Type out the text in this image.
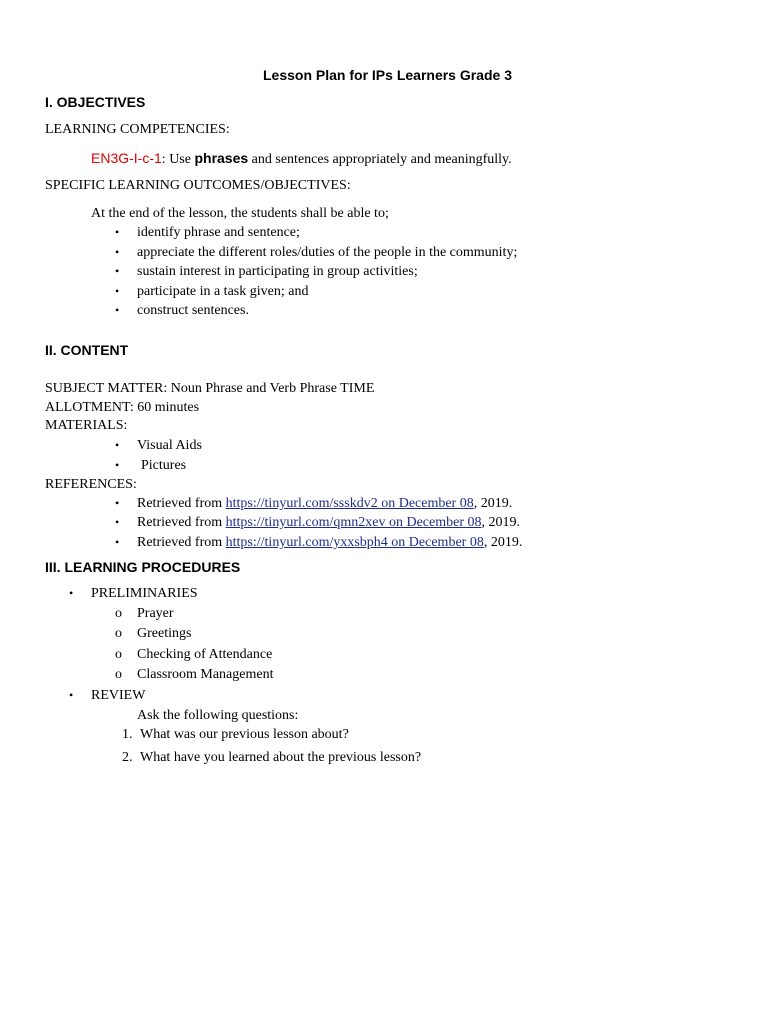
Lesson Plan for IPs Learners Grade 3
I. OBJECTIVES
LEARNING COMPETENCIES:
EN3G-I-c-1: Use phrases and sentences appropriately and meaningfully.
SPECIFIC LEARNING OUTCOMES/OBJECTIVES:
At the end of the lesson, the students shall be able to;
• identify phrase and sentence;
• appreciate the different roles/duties of the people in the community;
• sustain interest in participating in group activities;
• participate in a task given; and
• construct sentences.
II. CONTENT
SUBJECT MATTER: Noun Phrase and Verb Phrase TIME
ALLOTMENT: 60 minutes
MATERIALS:
• Visual Aids
• Pictures
REFERENCES:
• Retrieved from https://tinyurl.com/ssskdv2 on December 08, 2019.
• Retrieved from https://tinyurl.com/qmn2xev on December 08, 2019.
• Retrieved from https://tinyurl.com/yxxsbph4 on December 08, 2019.
III. LEARNING PROCEDURES
• PRELIMINARIES
o Prayer
o Greetings
o Checking of Attendance
o Classroom Management
• REVIEW
Ask the following questions:
1. What was our previous lesson about?
2. What have you learned about the previous lesson?
